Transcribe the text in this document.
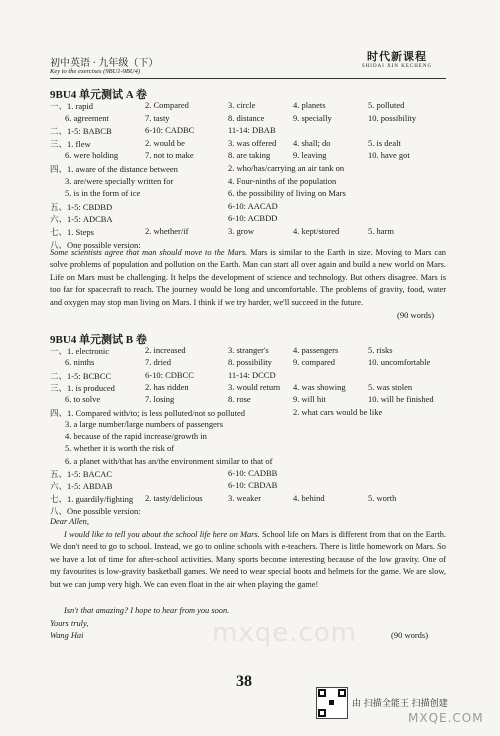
初中英语 · 九年级（下）
Key to the exercises (9BU1-9BU4)
时代新课程
SHIDAI XIN KECHENG
9BU4 单元测试 A 卷
一、1. rapid	2. Compared	3. circle	4. planets	5. polluted
6. agreement	7. tasty	8. distance	9. specially	10. possibility
二、1-5: BABCB	6-10: CADBC	11-14: DBAB
三、1. flew	2. would be	3. was offered 4. shall; do	5. is dealt
6. were holding	7. not to make	8. are taking	9. leaving	10. have got
四、1. aware of the distance between	2. who/has/carrying an air tank on
3. are/were specially written for	4. Four-ninths of the population
5. is in the form of ice	6. the possibility of living on Mars
五、1-5: CBDBD	6-10: AACAD
六、1-5: ADCBA	6-10: ACBDD
七、1. Steps	2. whether/if	3. grow	4. kept/stored	5. harm
八、One possible version:
Some scientists agree that man should move to the Mars. Mars is similar to the Earth in size. Moving to Mars can solve problems of population and pollution on the Earth. Man can start all over again and build a new world on Mars. Life on Mars must be challenging. It helps the development of science and technology. But others disagree. Mars is too far for spacecraft to reach. The journey would be long and uncomfortable. The problems of gravity, food, water and oxygen may stop man living on Mars. I think if we try harder, we'll succeed in the future.
(90 words)
9BU4 单元测试 B 卷
一、1. electronic	2. increased	3. stranger's	4. passengers	5. risks
6. ninths	7. dried	8. possibility 9. compared	10. uncomfortable
二、1-5: BCBCC	6-10: CDBCC	11-14: DCCD
三、1. is produced	2. has ridden	3. would return 4. was showing	5. was stolen
6. to solve	7. losing	8. rose	9. will hit	10. will be finished
四、1. Compared with/to; is less polluted/not so polluted	2. what cars would be like
3. a large number/large numbers of passengers
4. because of the rapid increase/growth in
5. whether it is worth the risk of
6. a planet with/that has an/the environment similar to that of
五、1-5: BACAC	6-10: CADBB
六、1-5: ABDAB	6-10: CBDAB
七、1. guardily/fighting 2. tasty/delicious	3. weaker	4. behind	5. worth
八、One possible version:
Dear Allen,
I would like to tell you about the school life here on Mars. School life on Mars is different from that on the Earth. We don't need to go to school. Instead, we go to online schools with e-teachers. There is little homework on Mars. So we have a lot of time for after-school activities. Many sports become interesting because of the low gravity. One of my favourites is low-gravity basketball games. We need to wear special boots and helmets for the game. We are slow, but we can jump very high. We can even float in the air when playing the game!
Isn't that amazing? I hope to hear from you soon.
Yours truly,
Wang Hai	(90 words)
mxqe.com
38
由 扫描全能王 扫描创建
MXQE.COM
